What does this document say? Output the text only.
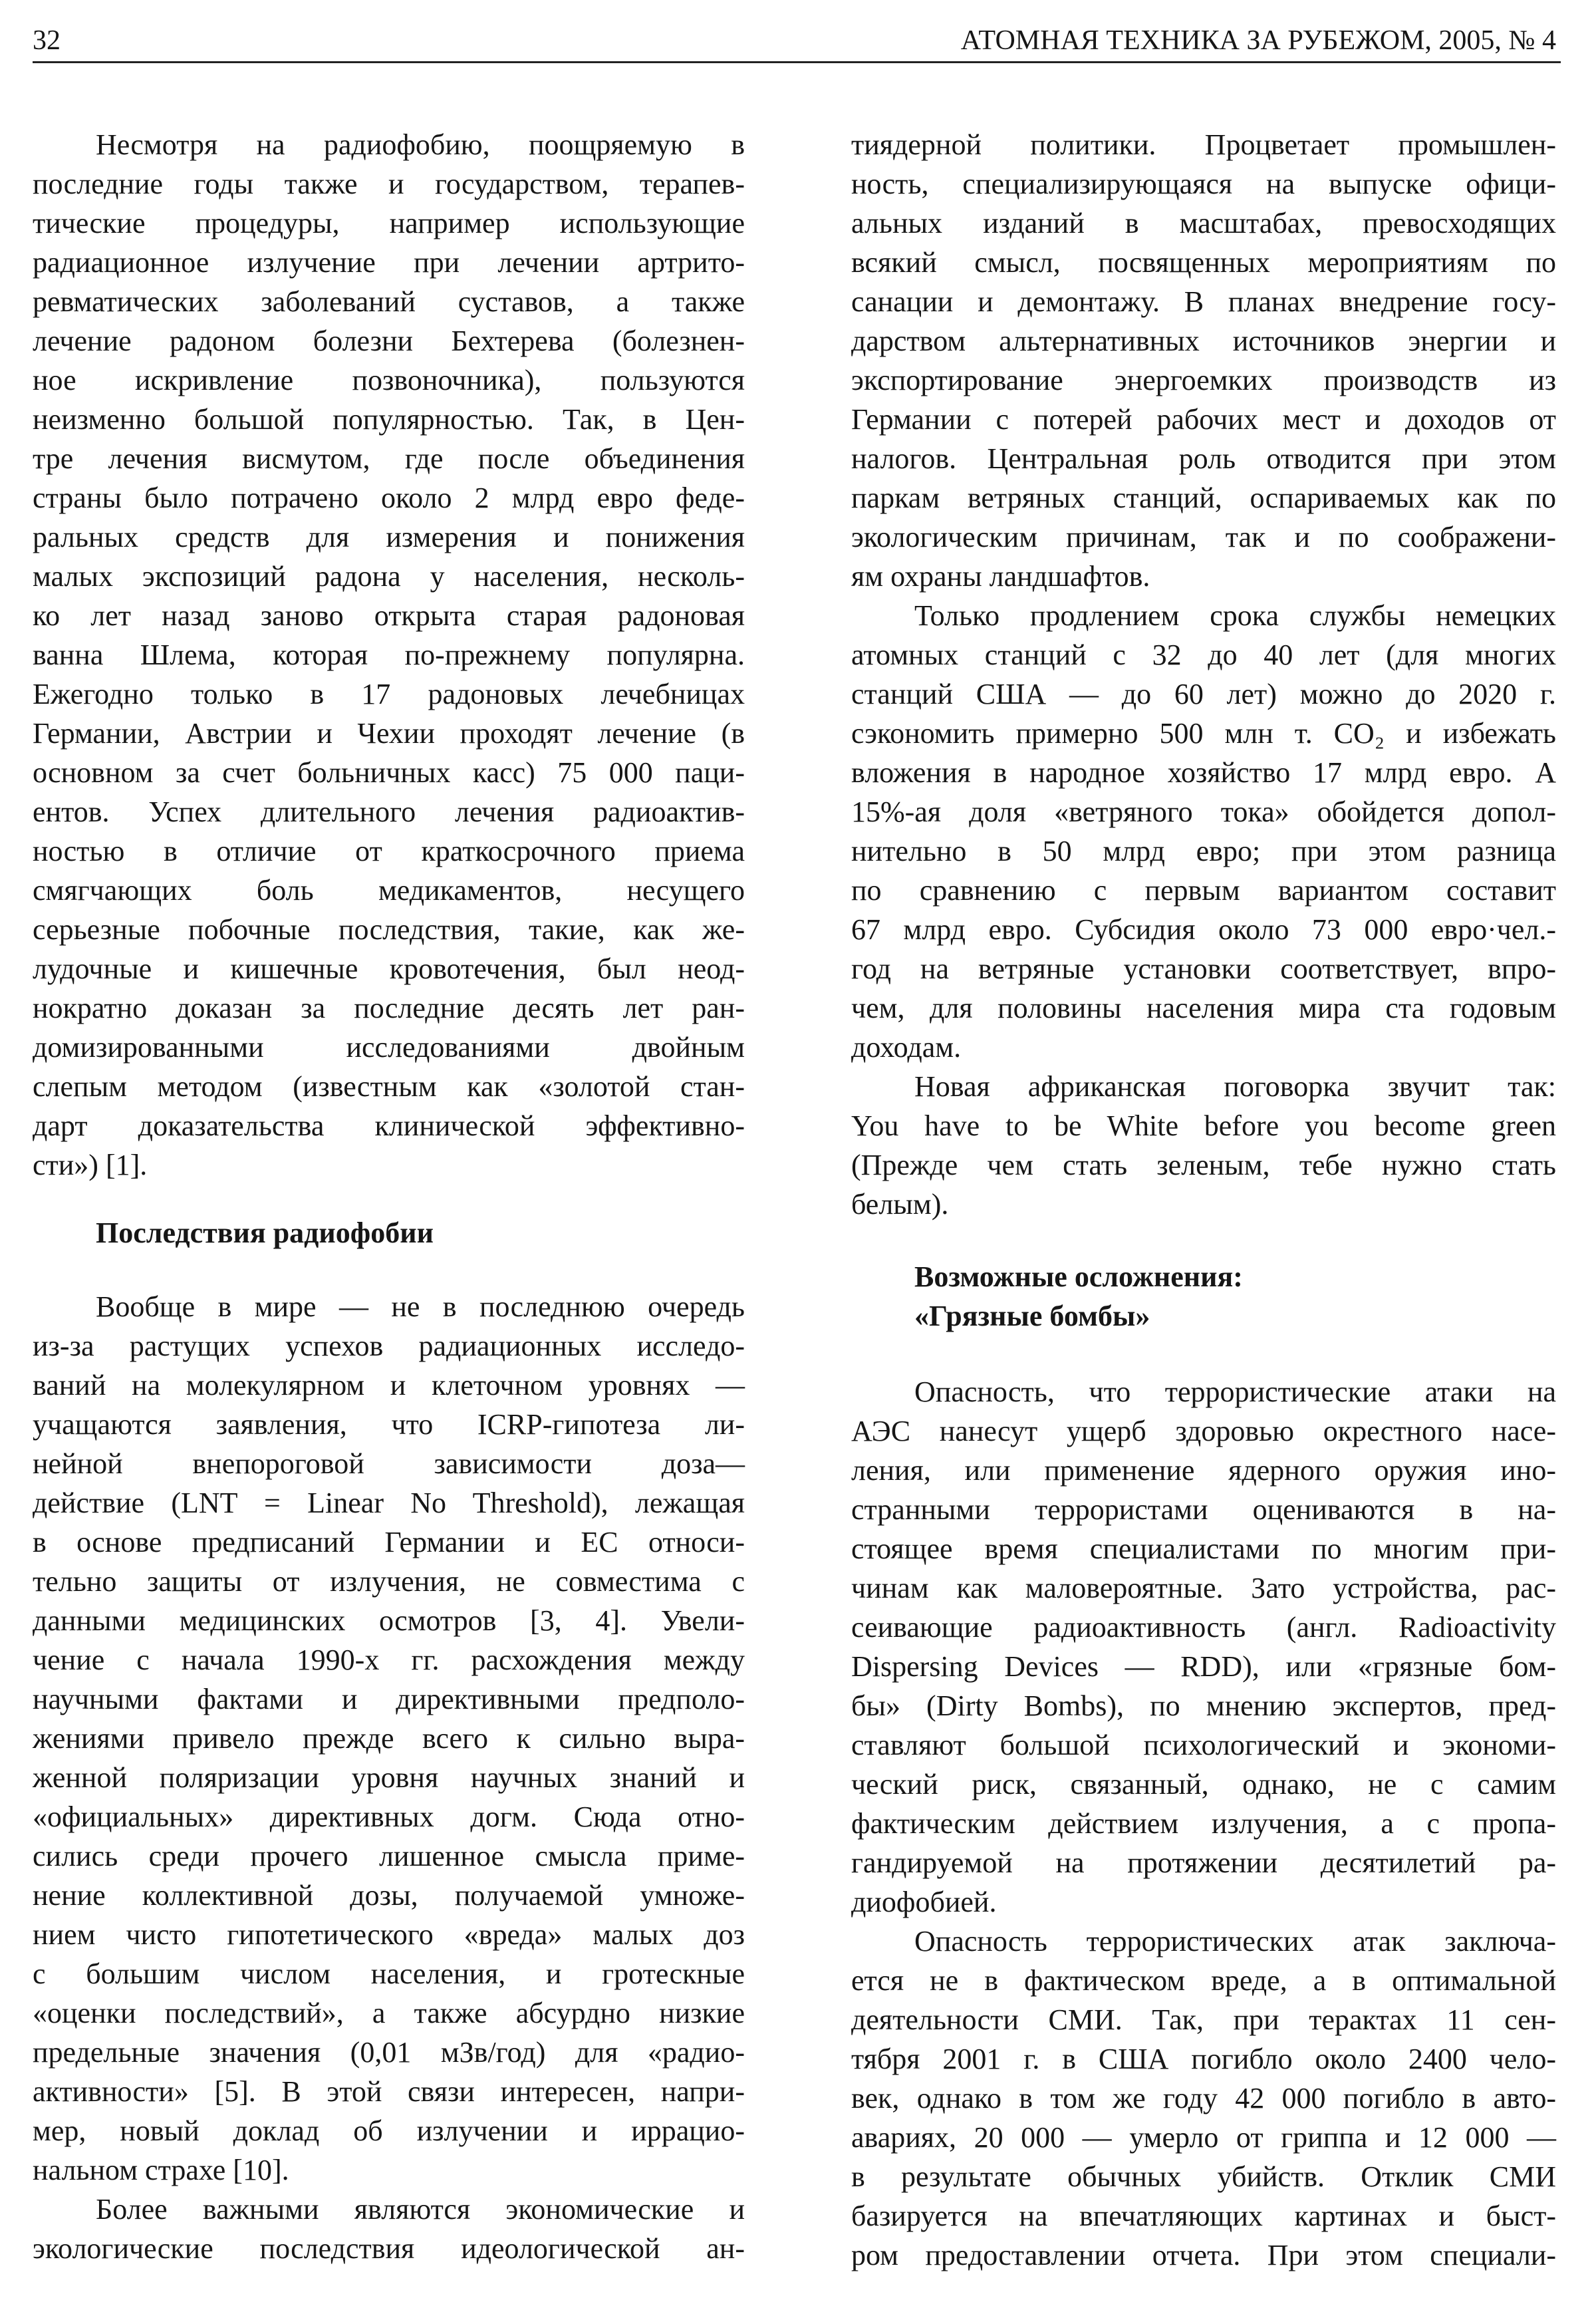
32	АТОМНАЯ ТЕХНИКА ЗА РУБЕЖОМ, 2005, № 4
Несмотря на радиофобию, поощряемую в
последние годы также и государством, терапев-
тические процедуры, например использующие
радиационное излучение при лечении артрито-
ревматических заболеваний суставов, а также
лечение радоном болезни Бехтерева (болезнен-
ное искривление позвоночника), пользуются
неизменно большой популярностью. Так, в Цен-
тре лечения висмутом, где после объединения
страны было потрачено около 2 млрд евро феде-
ральных средств для измерения и понижения
малых экспозиций радона у населения, несколь-
ко лет назад заново открыта старая радоновая
ванна Шлема, которая по-прежнему популярна.
Ежегодно только в 17 радоновых лечебницах
Германии, Австрии и Чехии проходят лечение (в
основном за счет больничных касс) 75 000 паци-
ентов. Успех длительного лечения радиоактив-
ностью в отличие от краткосрочного приема
смягчающих боль медикаментов, несущего
серьезные побочные последствия, такие, как же-
лудочные и кишечные кровотечения, был неод-
нократно доказан за последние десять лет ран-
домизированными исследованиями двойным
слепым методом (известным как «золотой стан-
дарт доказательства клинической эффективно-
сти») [1].
Последствия радиофобии
Вообще в мире — не в последнюю очередь
из-за растущих успехов радиационных исследо-
ваний на молекулярном и клеточном уровнях —
учащаются заявления, что ICRP-гипотеза ли-
нейной внепороговой зависимости доза—
действие (LNT = Linear No Threshold), лежащая
в основе предписаний Германии и ЕС относи-
тельно защиты от излучения, не совместима с
данными медицинских осмотров [3, 4]. Увели-
чение с начала 1990-х гг. расхождения между
научными фактами и директивными предполо-
жениями привело прежде всего к сильно выра-
женной поляризации уровня научных знаний и
«официальных» директивных догм. Сюда отно-
сились среди прочего лишенное смысла приме-
нение коллективной дозы, получаемой умноже-
нием чисто гипотетического «вреда» малых доз
с большим числом населения, и гротескные
«оценки последствий», а также абсурдно низкие
предельные значения (0,01 мЗв/год) для «радио-
активности» [5]. В этой связи интересен, напри-
мер, новый доклад об излучении и иррацио-
нальном страхе [10].
Более важными являются экономические и
экологические последствия идеологической ан-
тиядерной политики. Процветает промышлен-
ность, специализирующаяся на выпуске офици-
альных изданий в масштабах, превосходящих
всякий смысл, посвященных мероприятиям по
санации и демонтажу. В планах внедрение госу-
дарством альтернативных источников энергии и
экспортирование энергоемких производств из
Германии с потерей рабочих мест и доходов от
налогов. Центральная роль отводится при этом
паркам ветряных станций, оспариваемых как по
экологическим причинам, так и по соображени-
ям охраны ландшафтов.
Только продлением срока службы немецких
атомных станций с 32 до 40 лет (для многих
станций США — до 60 лет) можно до 2020 г.
сэкономить примерно 500 млн т. CO₂ и избежать
вложения в народное хозяйство 17 млрд евро. А
15%-ая доля «ветряного тока» обойдется допол-
нительно в 50 млрд евро; при этом разница
по сравнению с первым вариантом составит
67 млрд евро. Субсидия около 73 000 евро·чел.-
год на ветряные установки соответствует, впро-
чем, для половины населения мира ста годовым
доходам.
Новая африканская поговорка звучит так:
You have to be White before you become green
(Прежде чем стать зеленым, тебе нужно стать
белым).
Возможные осложнения:
«Грязные бомбы»
Опасность, что террористические атаки на
АЭС нанесут ущерб здоровью окрестного насе-
ления, или применение ядерного оружия ино-
странными террористами оцениваются в на-
стоящее время специалистами по многим при-
чинам как маловероятные. Зато устройства, рас-
сеивающие радиоактивность (англ. Radioactivity
Dispersing Devices — RDD), или «грязные бом-
бы» (Dirty Bombs), по мнению экспертов, пред-
ставляют большой психологический и экономи-
ческий риск, связанный, однако, не с самим
фактическим действием излучения, а с пропа-
гандируемой на протяжении десятилетий ра-
диофобией.
Опасность террористических атак заключа-
ется не в фактическом вреде, а в оптимальной
деятельности СМИ. Так, при терактах 11 сен-
тября 2001 г. в США погибло около 2400 чело-
век, однако в том же году 42 000 погибло в авто-
авариях, 20 000 — умерло от гриппа и 12 000 —
в результате обычных убийств. Отклик СМИ
базируется на впечатляющих картинах и быст-
ром предоставлении отчета. При этом специали-
